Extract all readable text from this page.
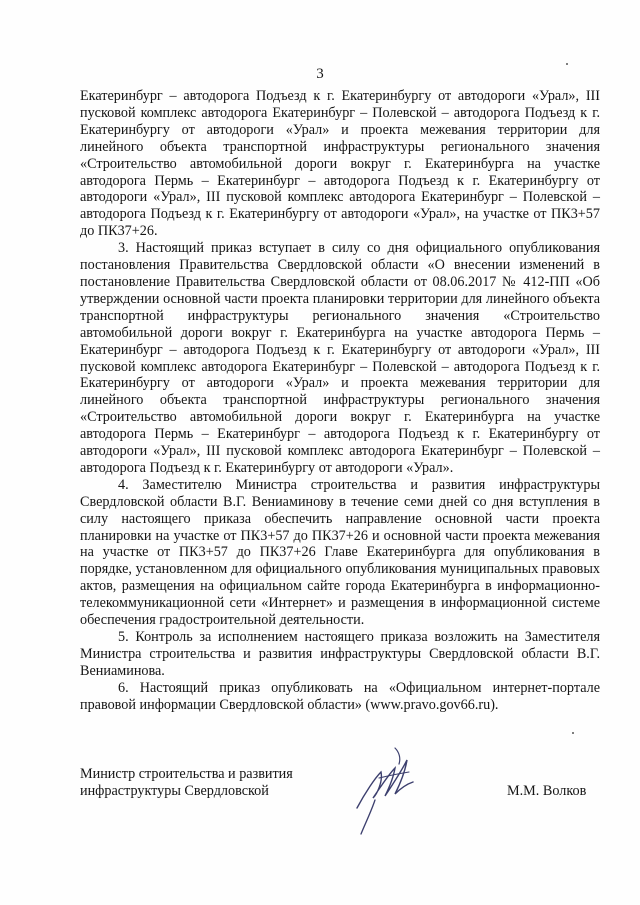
3

Екатеринбург – автодорога Подъезд к г. Екатеринбургу от автодороги «Урал», III пусковой комплекс автодорога Екатеринбург – Полевской – автодорога Подъезд к г. Екатеринбургу от автодороги «Урал» и проекта межевания территории для линейного объекта транспортной инфраструктуры регионального значения «Строительство автомобильной дороги вокруг г. Екатеринбурга на участке автодорога Пермь – Екатеринбург – автодорога Подъезд к г. Екатеринбургу от автодороги «Урал», III пусковой комплекс автодорога Екатеринбург – Полевской – автодорога Подъезд к г. Екатеринбургу от автодороги «Урал», на участке от ПК3+57 до ПК37+26.

3. Настоящий приказ вступает в силу со дня официального опубликования постановления Правительства Свердловской области «О внесении изменений в постановление Правительства Свердловской области от 08.06.2017 № 412-ПП «Об утверждении основной части проекта планировки территории для линейного объекта транспортной инфраструктуры регионального значения «Строительство автомобильной дороги вокруг г. Екатеринбурга на участке автодорога Пермь – Екатеринбург – автодорога Подъезд к г. Екатеринбургу от автодороги «Урал», III пусковой комплекс автодорога Екатеринбург – Полевской – автодорога Подъезд к г. Екатеринбургу от автодороги «Урал» и проекта межевания территории для линейного объекта транспортной инфраструктуры регионального значения «Строительство автомобильной дороги вокруг г. Екатеринбурга на участке автодорога Пермь – Екатеринбург – автодорога Подъезд к г. Екатеринбургу от автодороги «Урал», III пусковой комплекс автодорога Екатеринбург – Полевской – автодорога Подъезд к г. Екатеринбургу от автодороги «Урал».

4. Заместителю Министра строительства и развития инфраструктуры Свердловской области В.Г. Вениаминову в течение семи дней со дня вступления в силу настоящего приказа обеспечить направление основной части проекта планировки на участке от ПК3+57 до ПК37+26 и основной части проекта межевания на участке от ПК3+57 до ПК37+26 Главе Екатеринбурга для опубликования в порядке, установленном для официального опубликования муниципальных правовых актов, размещения на официальном сайте города Екатеринбурга в информационно-телекоммуникационной сети «Интернет» и размещения в информационной системе обеспечения градостроительной деятельности.

5. Контроль за исполнением настоящего приказа возложить на Заместителя Министра строительства и развития инфраструктуры Свердловской области В.Г. Вениаминова.

6. Настоящий приказ опубликовать на «Официальном интернет-портале правовой информации Свердловской области» (www.pravo.gov66.ru).

Министр строительства и развития
инфраструктуры Свердловской	М.М. Волков
